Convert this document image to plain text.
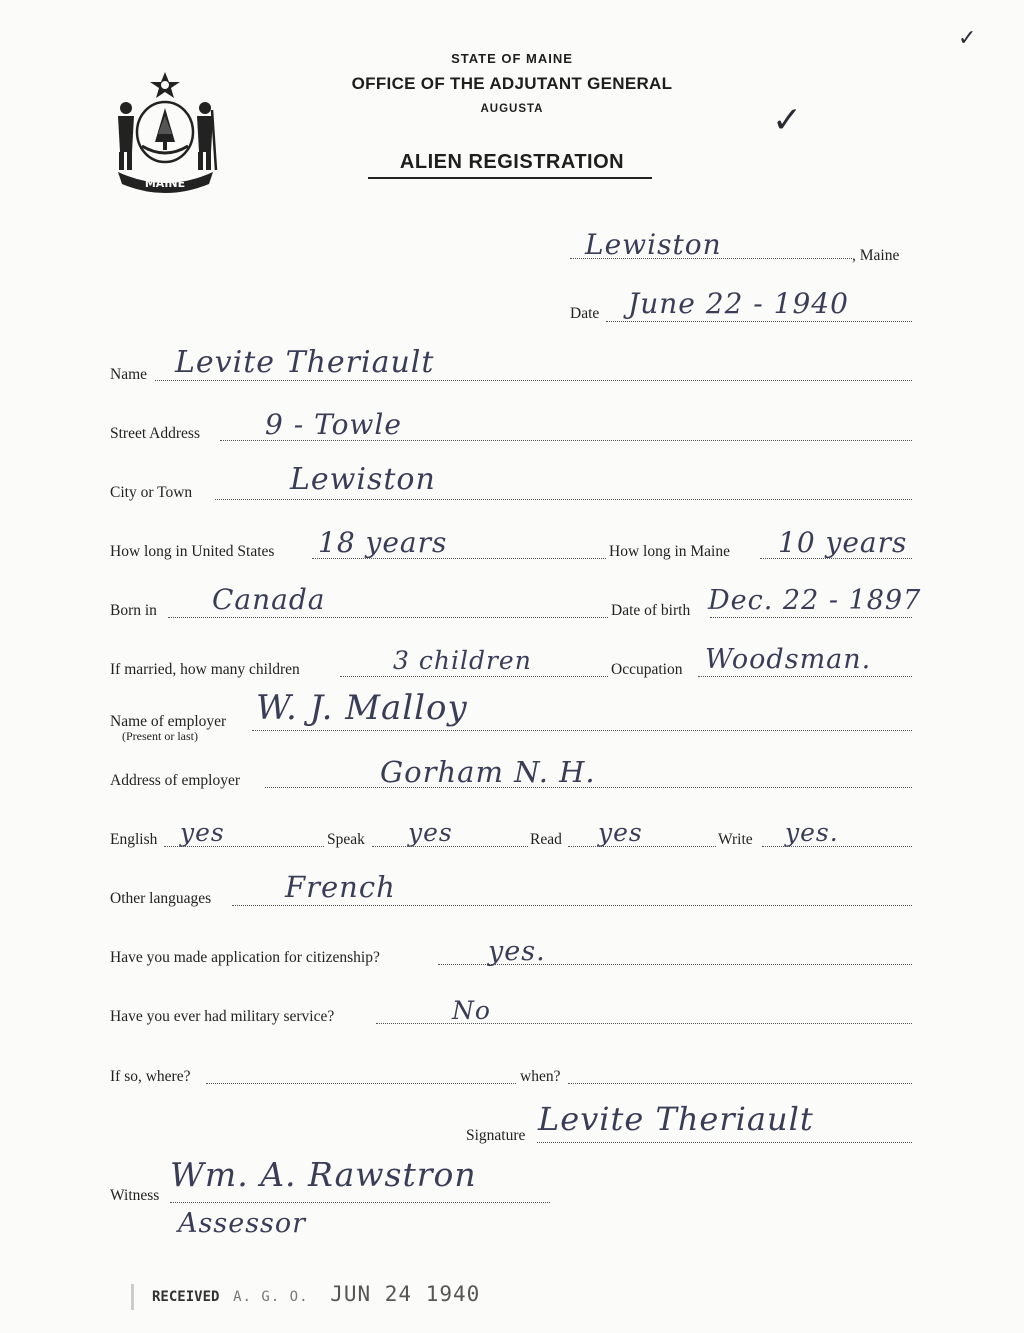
MAINE
STATE OF MAINE
OFFICE OF THE ADJUTANT GENERAL
AUGUSTA
ALIEN REGISTRATION
✓
✓
Lewiston	, Maine
Date June 22 - 1940
Name Levite Theriault
Street Address 9 - Towle
City or Town	Lewiston
How long in United States 18 years	How long in Maine 10 years
Born in Canada	Date of birth Dec. 22 - 1897
If married, how many children	3 children	Occupation Woodsman.
Name of employer
(Present or last)
W. J. Malloy
Address of employer	Gorham N. H.
English yes	Speak yes	Read yes	Write yes.
Other languages	French
Have you made application for citizenship?	yes.
Have you ever had military service?	No
If so, where?	when?
Signature Levite Theriault
Witness
Wm. A. Rawstron
Assessor
RECEIVED A. G. O. JUN 24 1940
